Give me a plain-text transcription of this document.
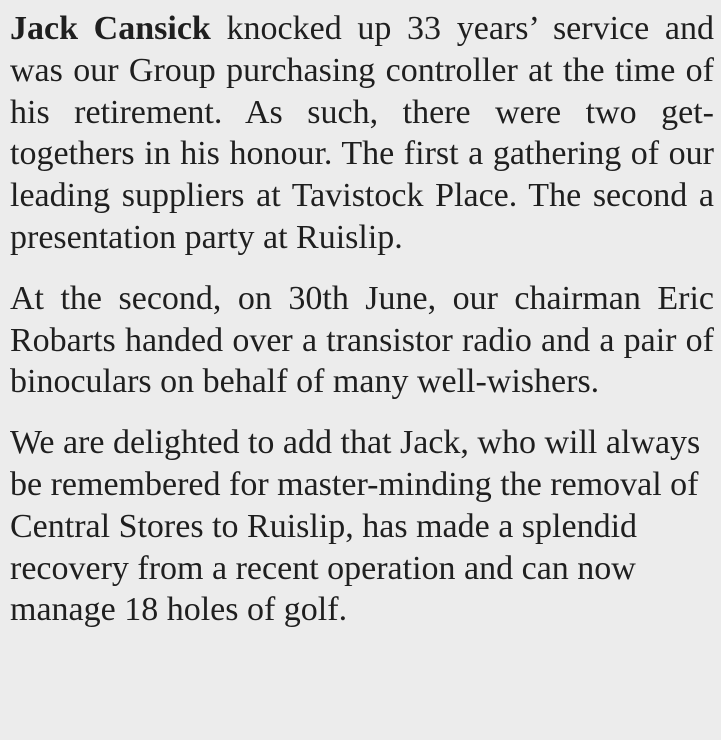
Jack Cansick knocked up 33 years’ service and was our Group purchasing controller at the time of his retirement. As such, there were two get-togethers in his honour. The first a gathering of our leading suppliers at Tavistock Place. The second a presentation party at Ruislip.

At the second, on 30th June, our chairman Eric Robarts handed over a transistor radio and a pair of binoculars on behalf of many well-wishers.

We are delighted to add that Jack, who will always be remembered for master-minding the removal of Central Stores to Ruislip, has made a splendid recovery from a recent operation and can now manage 18 holes of golf.
